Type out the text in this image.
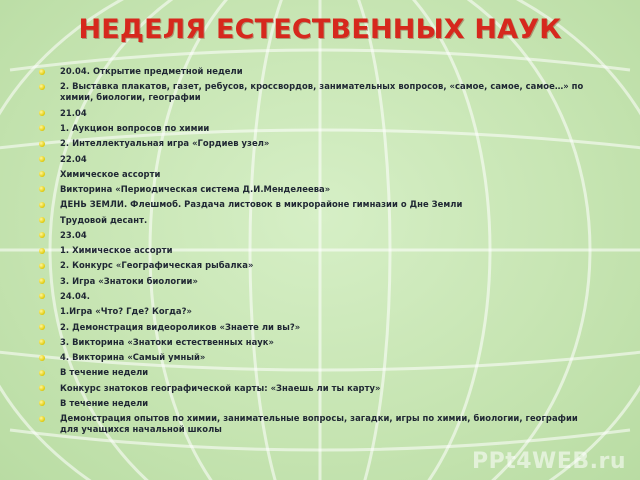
НЕДЕЛЯ ЕСТЕСТВЕННЫХ НАУК
20.04. Открытие предметной недели
2. Выставка плакатов, газет, ребусов, кроссвордов, занимательных вопросов, «самое, самое, самое…» по химии, биологии, географии
21.04
1. Аукцион вопросов по химии
2. Интеллектуальная игра «Гордиев узел»
22.04
Химическое ассорти
Викторина «Периодическая система Д.И.Менделеева»
ДЕНЬ ЗЕМЛИ. Флешмоб. Раздача листовок в микрорайоне гимназии о Дне Земли
Трудовой десант.
23.04
1. Химическое ассорти
2. Конкурс «Географическая рыбалка»
3. Игра «Знатоки биологии»
24.04.
1.Игра «Что? Где? Когда?»
2. Демонстрация видеороликов «Знаете ли вы?»
3. Викторина «Знатоки естественных наук»
4. Викторина «Самый умный»
В течение недели
Конкурс знатоков географической карты: «Знаешь ли ты карту»
В течение недели
Демонстрация опытов по химии, занимательные вопросы, загадки, игры по химии, биологии, географии для учащихся начальной школы
PPt4WEB.ru
